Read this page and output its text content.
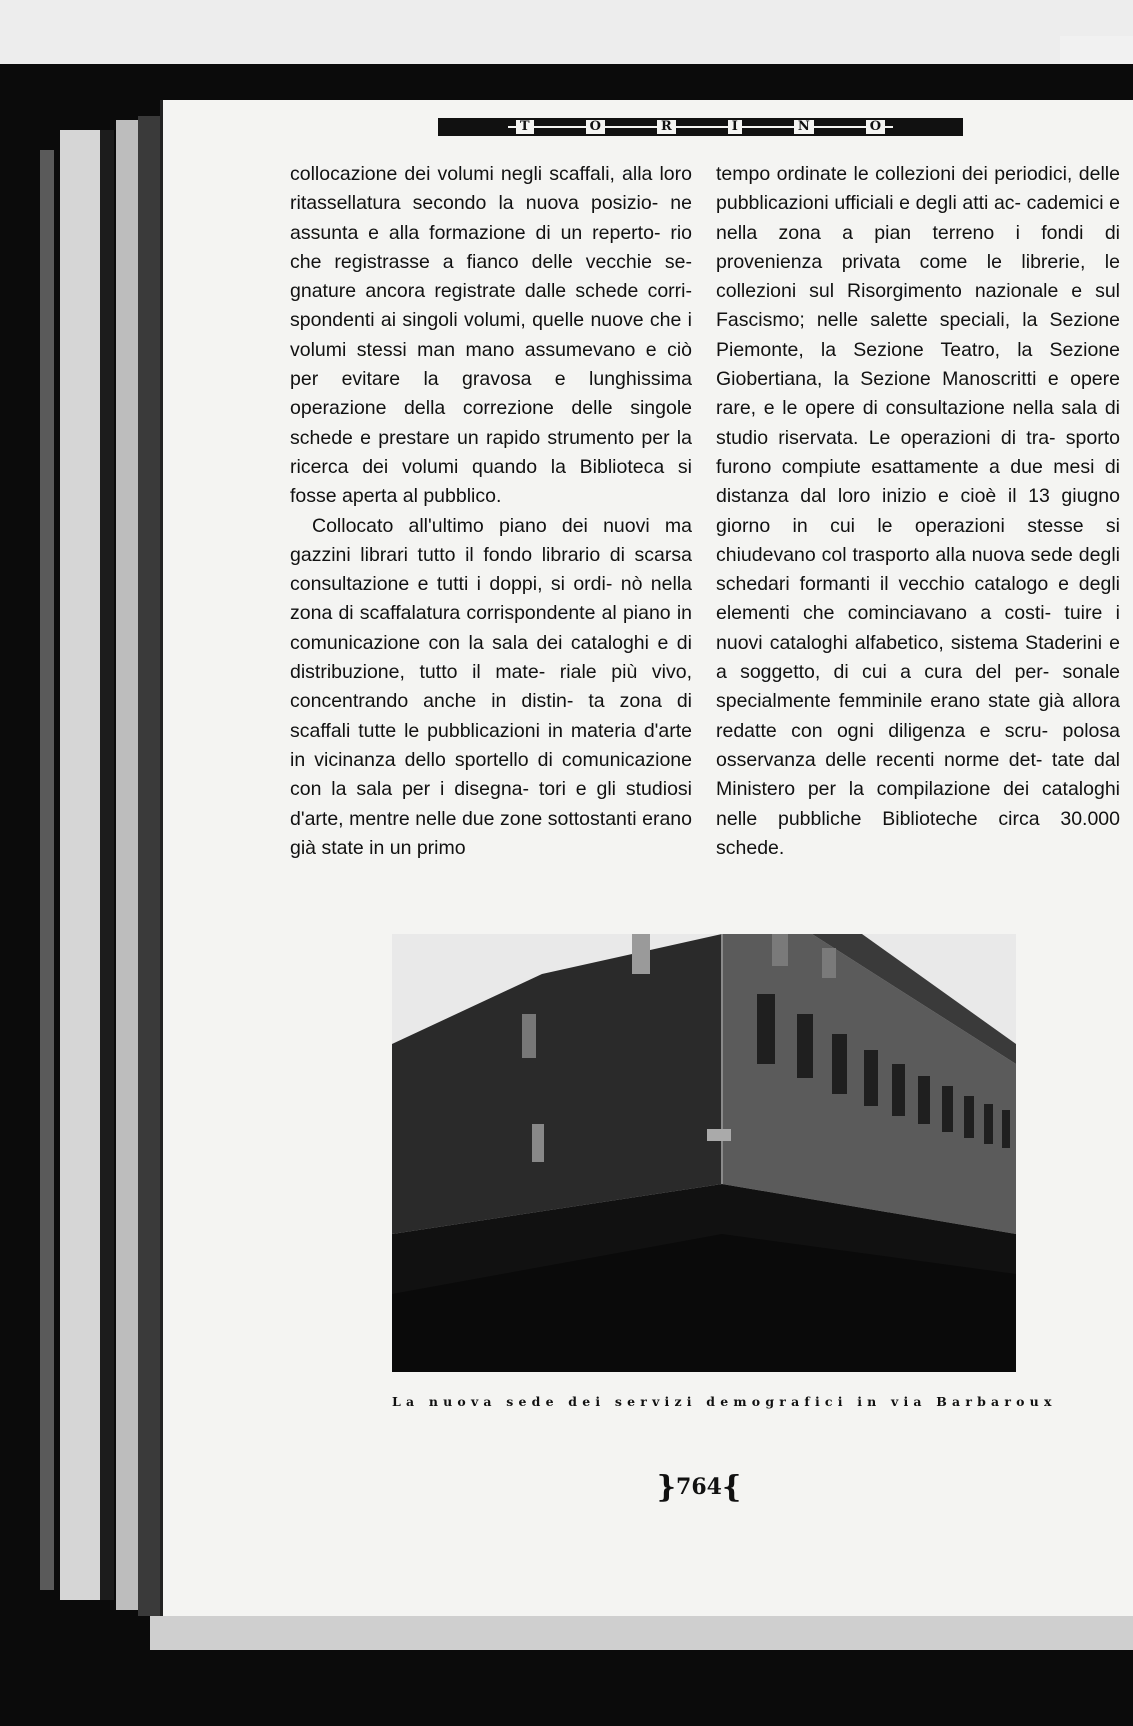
T	O	R	I	N	O

collocazione dei volumi negli scaffali, alla loro ritassellatura secondo la nuova posizio- ne assunta e alla formazione di un reperto- rio che registrasse a fianco delle vecchie se- gnature ancora registrate dalle schede corri- spondenti ai singoli volumi, quelle nuove che i volumi stessi man mano assumevano e ciò per evitare la gravosa e lunghissima operazione della correzione delle singole schede e prestare un rapido strumento per la ricerca dei volumi quando la Biblioteca si fosse aperta al pubblico.

Collocato all'ultimo piano dei nuovi ma gazzini librari tutto il fondo librario di scarsa consultazione e tutti i doppi, si ordi- nò nella zona di scaffalatura corrispondente al piano in comunicazione con la sala dei cataloghi e di distribuzione, tutto il mate- riale più vivo, concentrando anche in distin- ta zona di scaffali tutte le pubblicazioni in materia d'arte in vicinanza dello sportello di comunicazione con la sala per i disegna- tori e gli studiosi d'arte, mentre nelle due zone sottostanti erano già state in un primo

tempo ordinate le collezioni dei periodici, delle pubblicazioni ufficiali e degli atti ac- cademici e nella zona a pian terreno i fondi di provenienza privata come le librerie, le collezioni sul Risorgimento nazionale e sul Fascismo; nelle salette speciali, la Sezione Piemonte, la Sezione Teatro, la Sezione Giobertiana, la Sezione Manoscritti e opere rare, e le opere di consultazione nella sala di studio riservata. Le operazioni di tra- sporto furono compiute esattamente a due mesi di distanza dal loro inizio e cioè il 13 giugno giorno in cui le operazioni stesse si chiudevano col trasporto alla nuova sede degli schedari formanti il vecchio catalogo e degli elementi che cominciavano a costi- tuire i nuovi cataloghi alfabetico, sistema Staderini e a soggetto, di cui a cura del per- sonale specialmente femminile erano state già allora redatte con ogni diligenza e scru- polosa osservanza delle recenti norme det- tate dal Ministero per la compilazione dei cataloghi nelle pubbliche Biblioteche circa 30.000 schede.

La nuova sede dei servizi demografici in via Barbaroux
}764{
